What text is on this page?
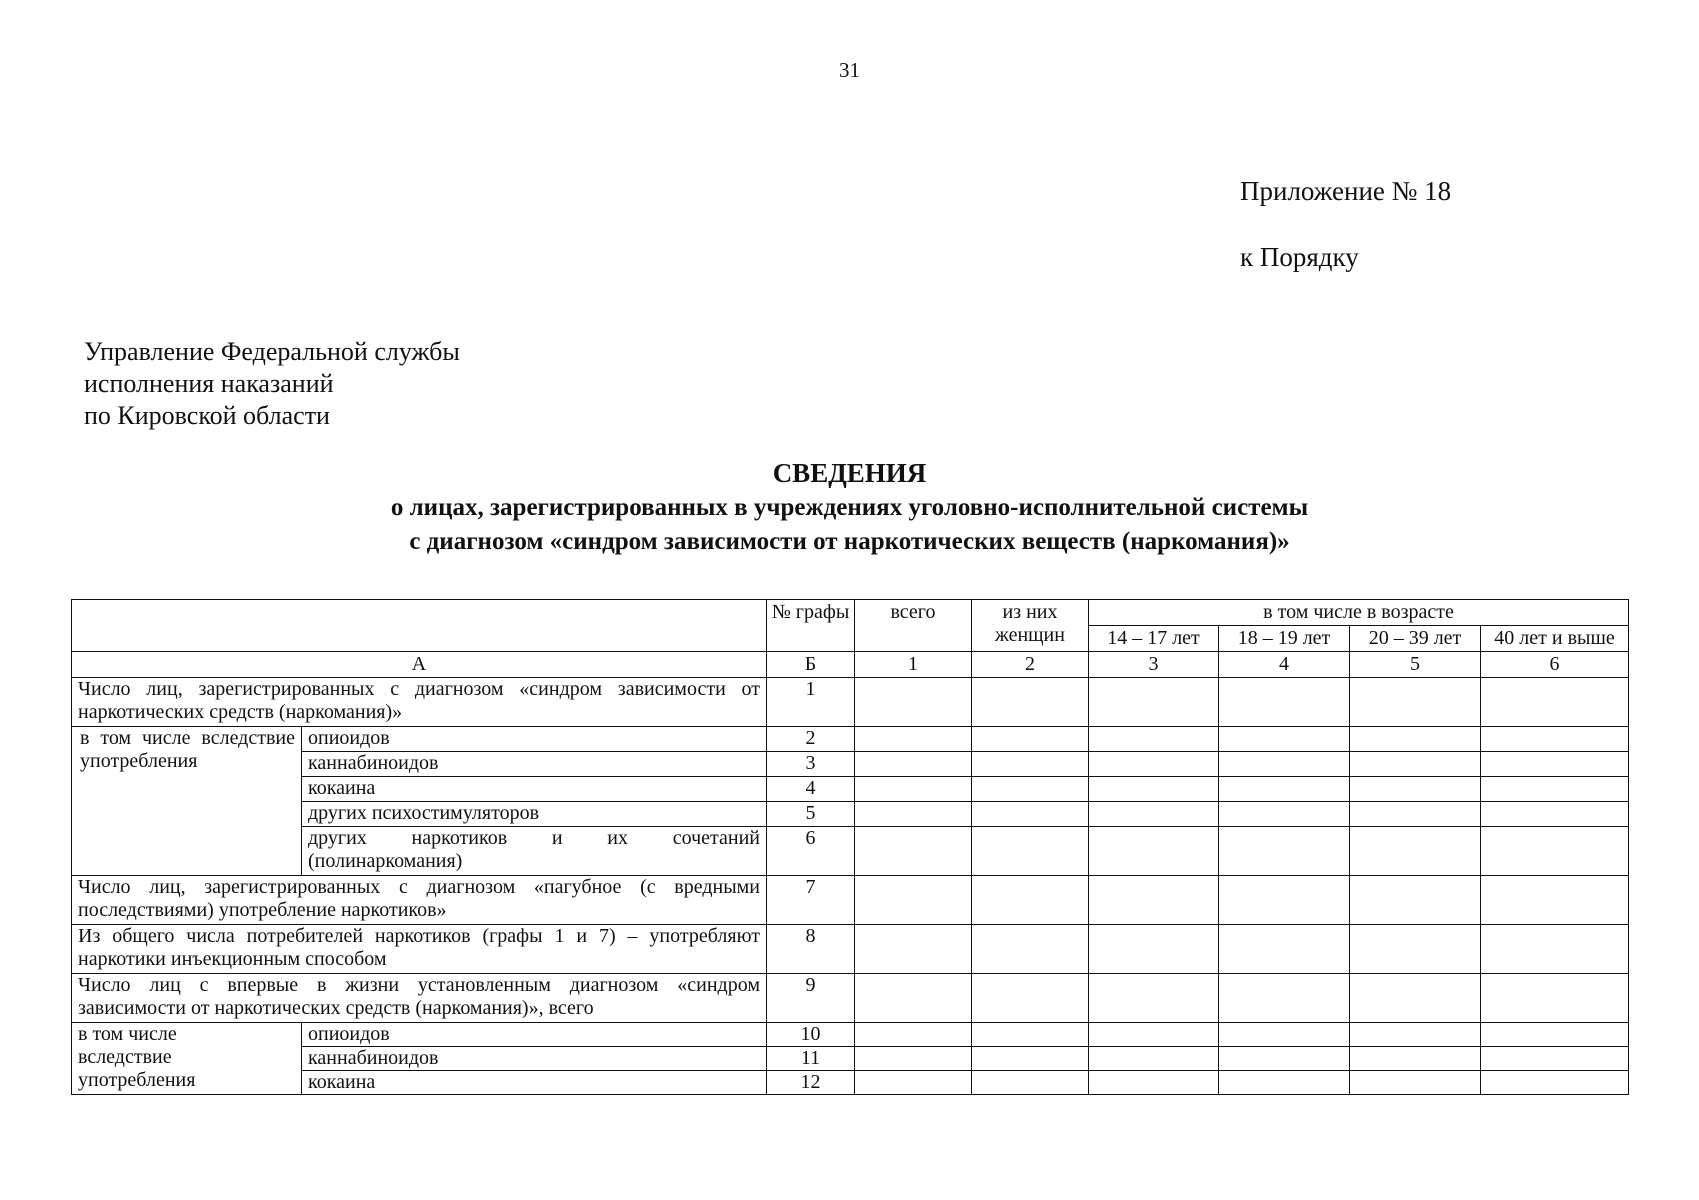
31
Приложение № 18
к Порядку
Управление Федеральной службы
исполнения наказаний
по Кировской области
СВЕДЕНИЯ
о лицах, зарегистрированных в учреждениях уголовно-исполнительной системы
с диагнозом «синдром зависимости от наркотических веществ (наркомания)»
		№ графы	всего	из них женщин	в том числе в возрасте			
					14 – 17 лет	18 – 19 лет	20 – 39 лет	40 лет и выше
А		Б	1	2	3	4	5	6
Число лиц, зарегистрированных с диагнозом «синдром зависимости от наркотических средств (наркомания)»		1						
в том числе вследствие употребления	опиоидов	2						
	каннабиноидов	3						
	кокаина	4						
	других психостимуляторов	5						
	других наркотиков и их сочетаний (полинаркомания)	6						
Число лиц, зарегистрированных с диагнозом «пагубное (с вредными последствиями) употребление наркотиков»		7						
Из общего числа потребителей наркотиков (графы 1 и 7) – употребляют наркотики инъекционным способом		8						
Число лиц с впервые в жизни установленным диагнозом «синдром зависимости от наркотических средств (наркомания)», всего		9						

в том числе вследствие употребления	опиоидов	10						
	каннабиноидов	11						
	кокаина	12						
